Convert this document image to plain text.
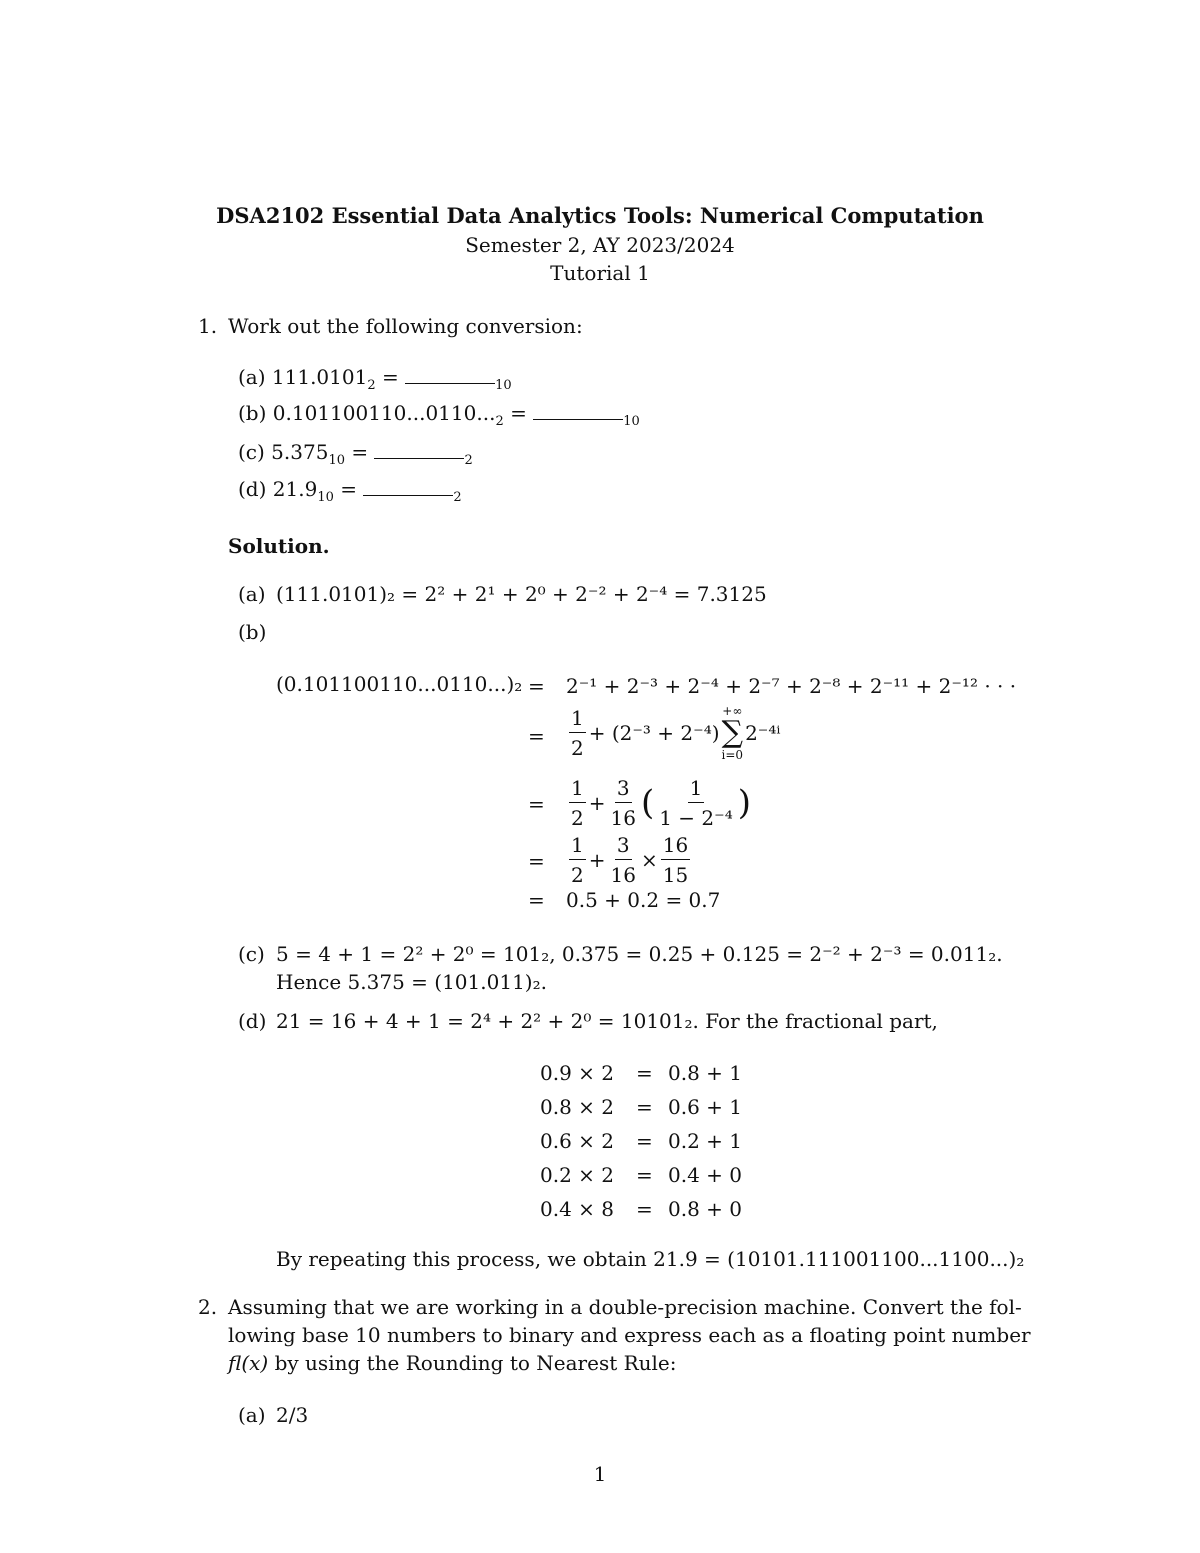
DSA2102 Essential Data Analytics Tools: Numerical Computation
Semester 2, AY 2023/2024
Tutorial 1
1. Work out the following conversion:
(a) $111.0101_2$ =	$_{10}$
(b) $0.101100110...0110..._2$ =	$_{10}$
(c) $5.375_{10}$ =	$_2$
(d) $21.9_{10}$ =	$_2$
Solution.
(a) (111.0101)₂ = 2² + 2¹ + 2⁰ + 2⁻² + 2⁻⁴ = 7.3125
(b)
(0.101100110...0110...)₂ = 2⁻¹ + 2⁻³ + 2⁻⁴ + 2⁻⁷ + 2⁻⁸ + 2⁻¹¹ + 2⁻¹² · · ·
= $\frac{1}{2} + (2^{-3} + 2^{-4})$
+∞
∑
i=0
2⁻⁴ⁱ
= $\frac{1}{2} + \frac{3}{16}$ ( $\frac{1}{\text{1 − 2⁻⁴}}$ )
= $\frac{1}{2} + \frac{3}{16} \times \frac{16}{15}$
= 0.5 + 0.2 = 0.7
(c) 5 = 4 + 1 = 2² + 2⁰ = 101₂, 0.375 = 0.25 + 0.125 = 2⁻² + 2⁻³ = 0.011₂.
Hence 5.375 = (101.011)₂.
(d) 21 = 16 + 4 + 1 = 2⁴ + 2² + 2⁰ = 10101₂. For the fractional part,
0.9 × 2 = 0.8 + 1
0.8 × 2 = 0.6 + 1
0.6 × 2 = 0.2 + 1
0.2 × 2 = 0.4 + 0
0.4 × 8 = 0.8 + 0
By repeating this process, we obtain 21.9 = (10101.111001100...1100...)₂
2. Assuming that we are working in a double-precision machine. Convert the fol-
lowing base 10 numbers to binary and express each as a floating point number
fl(x) by using the Rounding to Nearest Rule:
(a) 2/3
1
